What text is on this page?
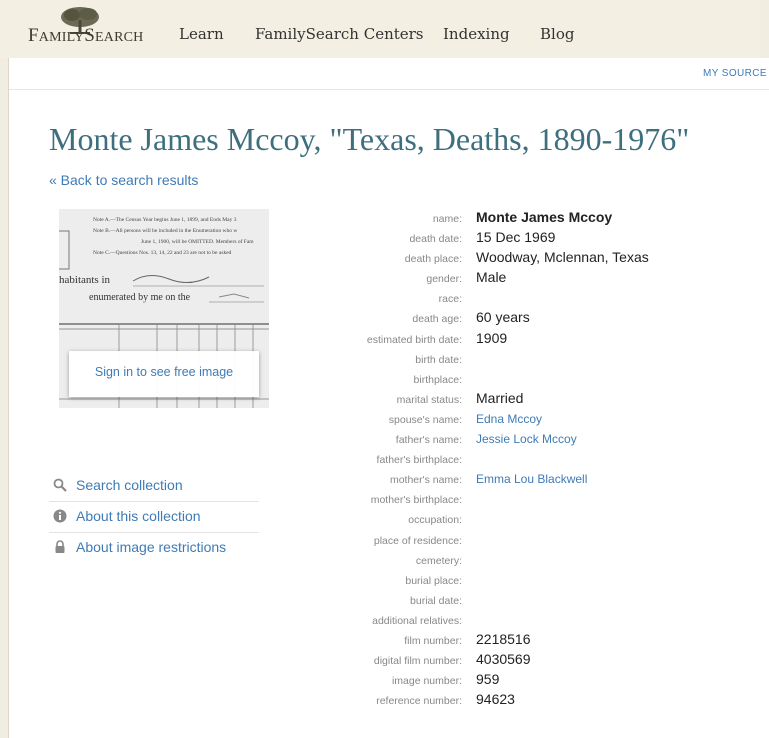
FAMILYSEARCH Learn FamilySearch Centers Indexing Blog
MY SOURCE
Monte James Mccoy, "Texas, Deaths, 1890-1976"
« Back to search results
Note A.—The Census Year begins June 1, 1899, and Ends May 3
Note B.—All persons will be included in the Enumeration who w
June 1, 1900, will be OMITTED. Members of Fam
Note C.—Questions Nos. 13, 14, 22 and 23 are not to be asked
habitants in
enumerated by me on the
Sign in to see free image
Search collection
About this collection
About image restrictions
name: Monte James Mccoy
death date: 15 Dec 1969
death place: Woodway, Mclennan, Texas
gender: Male
race:
death age: 60 years
estimated birth date: 1909
birth date:
birthplace:
marital status: Married
spouse's name: Edna Mccoy
father's name: Jessie Lock Mccoy
father's birthplace:
mother's name: Emma Lou Blackwell
mother's birthplace:
occupation:
place of residence:
cemetery:
burial place:
burial date:
additional relatives:
film number: 2218516
digital film number: 4030569
image number: 959
reference number: 94623
